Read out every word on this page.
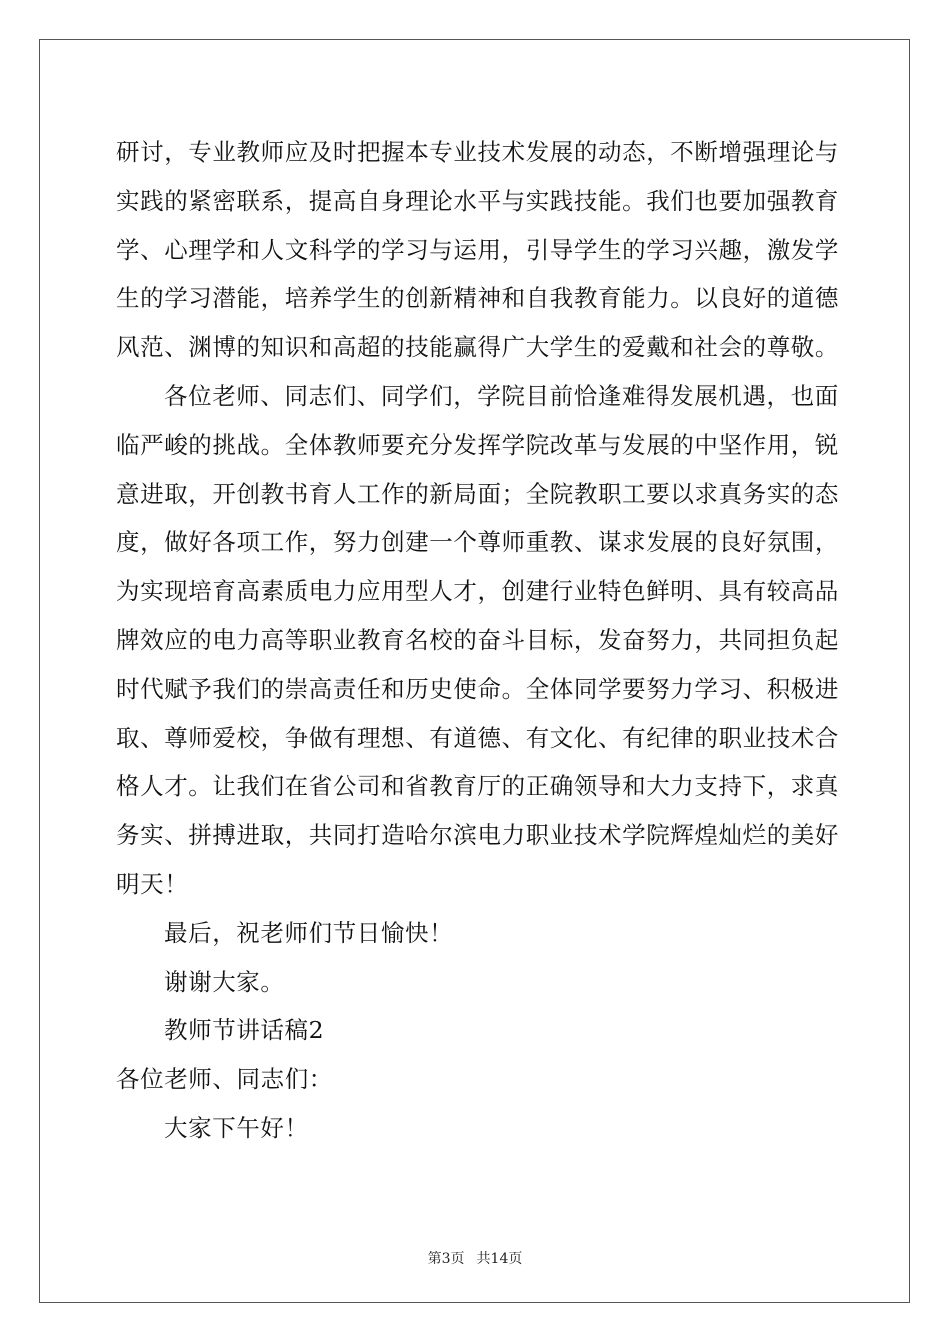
研讨，专业教师应及时把握本专业技术发展的动态，不断增强理论与
实践的紧密联系，提高自身理论水平与实践技能。我们也要加强教育
学、心理学和人文科学的学习与运用，引导学生的学习兴趣，激发学
生的学习潜能，培养学生的创新精神和自我教育能力。以良好的道德
风范、渊博的知识和高超的技能赢得广大学生的爱戴和社会的尊敬。
各位老师、同志们、同学们，学院目前恰逢难得发展机遇，也面
临严峻的挑战。全体教师要充分发挥学院改革与发展的中坚作用，锐
意进取，开创教书育人工作的新局面；全院教职工要以求真务实的态
度，做好各项工作，努力创建一个尊师重教、谋求发展的良好氛围，
为实现培育高素质电力应用型人才，创建行业特色鲜明、具有较高品
牌效应的电力高等职业教育名校的奋斗目标，发奋努力，共同担负起
时代赋予我们的崇高责任和历史使命。全体同学要努力学习、积极进
取、尊师爱校，争做有理想、有道德、有文化、有纪律的职业技术合
格人才。让我们在省公司和省教育厅的正确领导和大力支持下，求真
务实、拼搏进取，共同打造哈尔滨电力职业技术学院辉煌灿烂的美好
明天！
最后，祝老师们节日愉快！
谢谢大家。
教师节讲话稿2
各位老师、同志们：
大家下午好！
第3页 共14页
